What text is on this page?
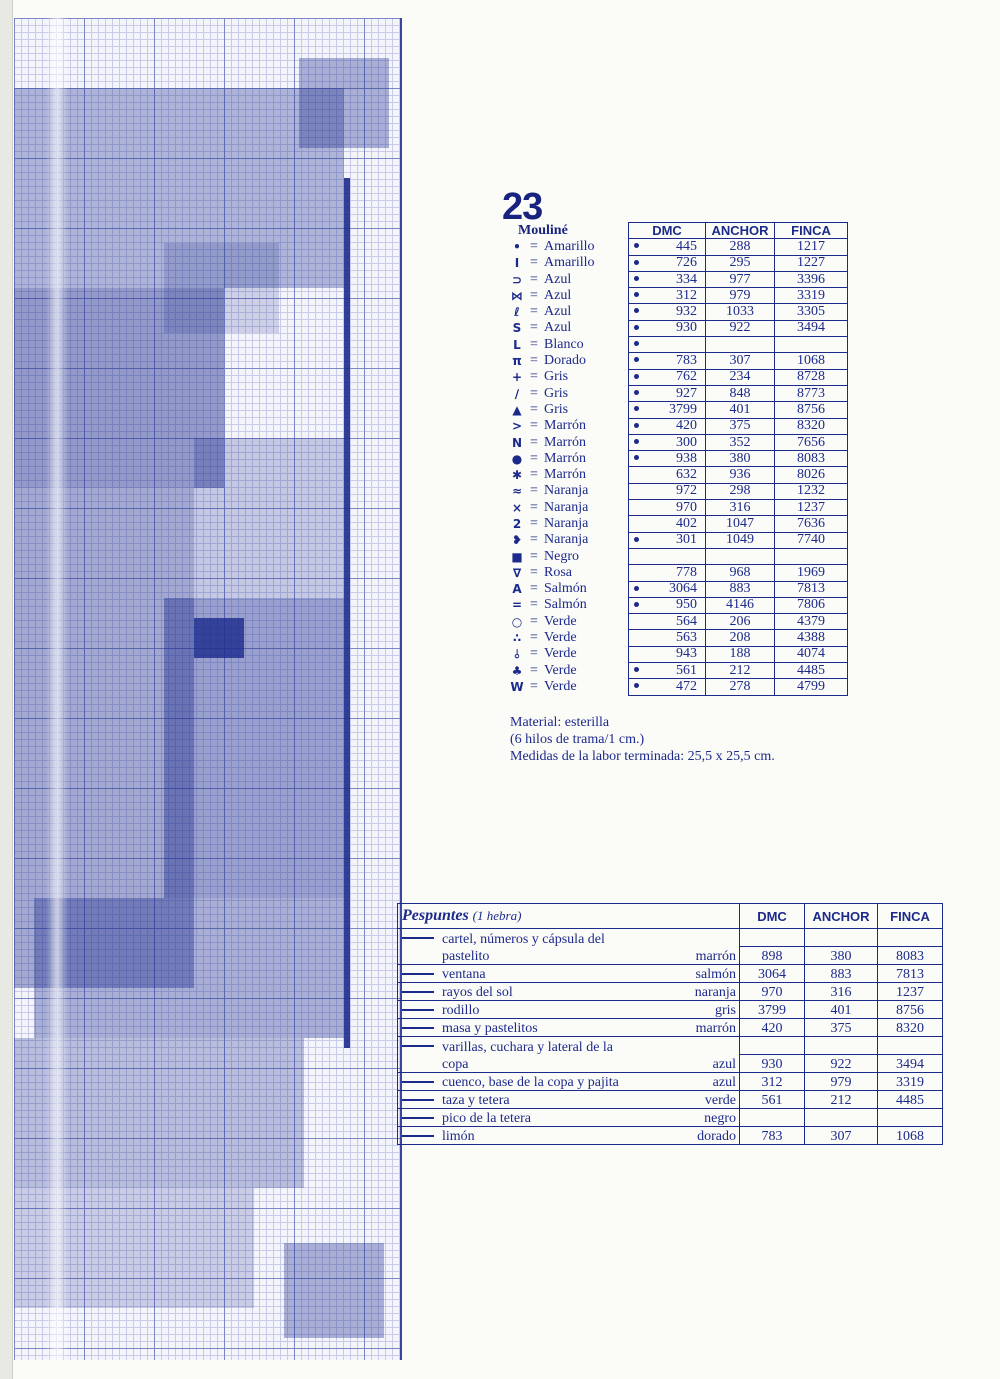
23
Mouliné
				DMC	ANCHOR	FINCA
•	=	Amarillo	445	288	1217
I	=	Amarillo	726	295	1227
⊃	=	Azul	334	977	3396
⋈	=	Azul	312	979	3319
ℓ	=	Azul	932	1033	3305
S	=	Azul	930	922	3494
L	=	Blanco	

π	=	Dorado	783	307	1068
+	=	Gris	762	234	8728
∕	=	Gris	927	848	8773
▲	=	Gris	3799	401	8756
>	=	Marrón	420	375	8320
N	=	Marrón	300	352	7656
●	=	Marrón	938	380	8083
✱	=	Marrón	632	936	8026
≈	=	Naranja	972	298	1232
×	=	Naranja	970	316	1237
2	=	Naranja	402	1047	7636
❥	=	Naranja	301	1049	7740
■	=	Negro			
∇	=	Rosa	778	968	1969
A	=	Salmón	3064	883	7813
=	=	Salmón	950	4146	7806
○	=	Verde	564	206	4379
∴	=	Verde	563	208	4388
⫰	=	Verde	943	188	4074
♣	=	Verde	561	212	4485
W	=	Verde	472	278	4799
Material: esterilla
(6 hilos de trama/1 cm.)
Medidas de la labor terminada: 25,5 x 25,5 cm.
Pespuntes (1 hebra)	DMC	ANCHOR	FINCA

cartel, números y cápsula del			
pastelito marrón	898	380	8083

ventana salmón	3064	883	7813

rayos del sol naranja	970	316	1237

rodillo gris	3799	401	8756

masa y pastelitos marrón	420	375	8320

varillas, cuchara y lateral de la			
copa azul	930	922	3494

cuenco, base de la copa y pajita azul	312	979	3319

taza y tetera verde	561	212	4485

pico de la tetera negro			

limón dorado	783	307	1068
